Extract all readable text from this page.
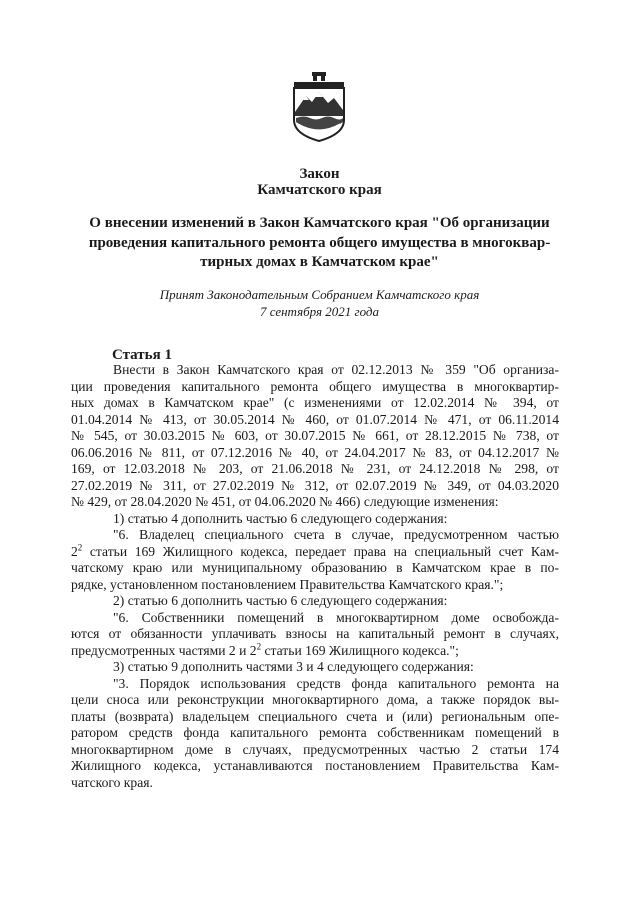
Закон
Камчатского края
О внесении изменений в Закон Камчатского края "Об организации
проведения капитального ремонта общего имущества в многоквар-
тирных домах в Камчатском крае"
Принят Законодательным Собранием Камчатского края
7 сентября 2021 года
Статья 1
Внести в Закон Камчатского края от 02.12.2013 № 359 "Об организа-
ции проведения капитального ремонта общего имущества в многоквартир-
ных домах в Камчатском крае" (с изменениями от 12.02.2014 № 394, от
01.04.2014 № 413, от 30.05.2014 № 460, от 01.07.2014 № 471, от 06.11.2014
№ 545, от 30.03.2015 № 603, от 30.07.2015 № 661, от 28.12.2015 № 738, от
06.06.2016 № 811, от 07.12.2016 № 40, от 24.04.2017 № 83, от 04.12.2017 №
169, от 12.03.2018 № 203, от 21.06.2018 № 231, от 24.12.2018 № 298, от
27.02.2019 № 311, от 27.02.2019 № 312, от 02.07.2019 № 349, от 04.03.2020
№ 429, от 28.04.2020 № 451, от 04.06.2020 № 466) следующие изменения:
1) статью 4 дополнить частью 6 следующего содержания:
"6. Владелец специального счета в случае, предусмотренном частью
$2^2$ статьи 169 Жилищного кодекса, передает права на специальный счет Кам-
чатскому краю или муниципальному образованию в Камчатском крае в по-
рядке, установленном постановлением Правительства Камчатского края.";
2) статью 6 дополнить частью 6 следующего содержания:
"6. Собственники помещений в многоквартирном доме освобожда-
ются от обязанности уплачивать взносы на капитальный ремонт в случаях,
предусмотренных частями 2 и $2^2$ статьи 169 Жилищного кодекса.";
3) статью 9 дополнить частями 3 и 4 следующего содержания:
"3. Порядок использования средств фонда капитального ремонта на
цели сноса или реконструкции многоквартирного дома, а также порядок вы-
платы (возврата) владельцем специального счета и (или) региональным опе-
ратором средств фонда капитального ремонта собственникам помещений в
многоквартирном доме в случаях, предусмотренных частью 2 статьи 174
Жилищного кодекса, устанавливаются постановлением Правительства Кам-
чатского края.
